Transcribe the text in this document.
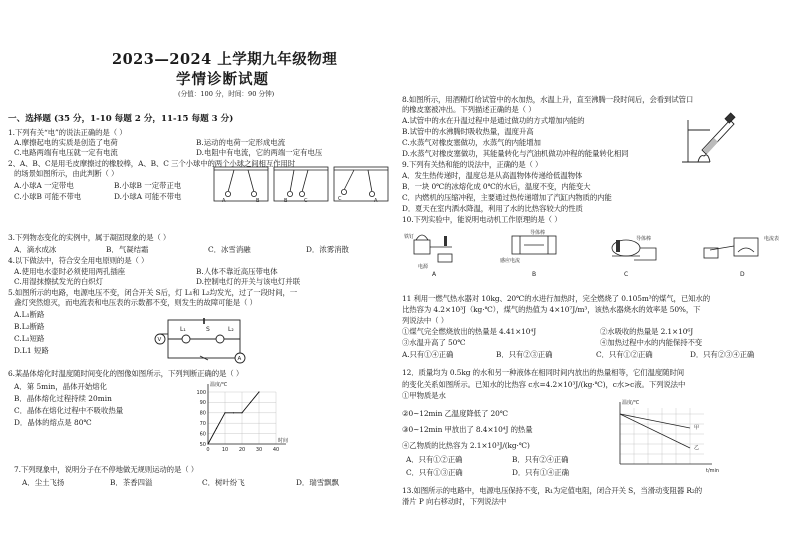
2023—2024 上学期九年级物理
学情诊断试题
(分值：100 分，时间：90 分钟)
一、选择题 (35 分，1-10 每题 2 分，11-15 每题 3 分)
1.下列有关“电”的说法正确的是（ ）
A.摩擦起电的实质是创造了电荷	B.运动的电荷一定形成电流
C.电路两端有电压就一定有电流	D.电阻中有电流，它的两端一定有电压
2、A、B、C是用毛皮摩擦过的橡胶棒，A、B、C 三个小球中的两个小球之间相互作用时
的场景如图所示，由此判断（ ）
A.小球A 一定带电	B.小球B 一定带正电
C.小球B 可能不带电	D.小球A 可能不带电	A	B	B	C	C	A
3.下列物态变化的实例中，属于凝固现象的是（ ）
A．滴水成冰	B．气凝结霜	C．冰雪消融	D．浓雾消散
4.以下做法中，符合安全用电原则的是（ ）
A.使用电水壶时必须使用两孔插座	B.人体不靠近高压带电体
C.用湿抹擦拭发光的白炽灯	D.控制电灯的开关与该电灯并联
5.如图所示的电路，电源电压不变，闭合开关 S后，灯 L₁和 L₂均发光，过了一段时间，一
盏灯突然熄灭，而电流表和电压表的示数都不变，则发生的故障可能是（ ）
A.L₁断路
B.L₂断路
C.L₁短路
D.L1 短路
L₁	S	L₂
V
A
6.某晶体熔化时温度随时间变化的图像如图所示，下列判断正确的是（ ）
A．第 5min，晶体开始熔化
B．晶体熔化过程持续 20min
C．晶体在熔化过程中不吸收热量
D．晶体的熔点是 80℃
50
60
70
80
90
100
0 10 20 30 40
温度/℃
时间
7.下列现象中，说明分子在不停地做无规则运动的是（ ）
A．尘土飞扬	B．茶香四溢	C．树叶纷飞	D．瑞雪飘飘
8.如图所示，用酒精灯给试管中的水加热，水温上升，直至沸腾一段时间后，会看到试管口
的橡皮塞被冲出。下列描述正确的是（ ）
A.试管中的水在升温过程中是通过做功的方式增加内能的
B.试管中的水沸腾时吸收热量，温度升高
C.水蒸气对橡皮塞做功，水蒸气的内能增加
D.水蒸气对橡皮塞做功，其能量转化与汽油机做功冲程的能量转化相同
9.下列有关热和能的说法中，正确的是（ ）
A．发生热传递时，温度总是从高温物体传递给低温物体
B．一块 0℃的冰熔化成 0℃的水后，温度不变，内能变大
C．内燃机的压缩冲程，主要通过热传递增加了汽缸内物质的内能
D．夏天在室内洒水降温，利用了水的比热容较大的性质
10.下列实验中，能说明电动机工作原理的是（ ）
铁钉
电源
导体棒
感应电流
导体棒	电流表
A	B	C	D
11 利用一燃气热水器对 10kg、20℃的水进行加热时，完全燃烧了 0.105m³的煤气，已知水的
比热容为 4.2×10³J（kg·℃），煤气的热值为 4×10⁷J/m³，该热水器烧水的效率是 50%，下
列说法中（ ）
①煤气完全燃烧放出的热量是 4.41×10⁴J	②水吸收的热量是 2.1×10⁶J
③水温升高了 50℃	④加热过程中水的内能保持不变
A.只有①④正确	B．只有②③正确	C．只有①②正确	D．只有②③④正确
12．质量均为 0.5kg 的水和另一种液体在相同时间内放出的热量相等，它们温度随时间
的变化关系如图所示。已知水的比热容 c水=4.2×10³J/(kg·℃)，c水>c液。下列说法中
①甲物质是水
②0~12min 乙温度降低了 20℃
③0~12min 甲放出了 8.4×10⁴J 的热量
④乙物质的比热容为 2.1×10³J/(kg·℃)
A．只有①②正确	B．只有②④正确
C．只有①③正确	D．只有①④正确
温度/℃
t/min
甲
乙
13.如图所示的电路中，电源电压保持不变，R₁为定值电阻，闭合开关 S，当滑动变阻器 R₂的
滑片 P 向右移动时，下列说法中
